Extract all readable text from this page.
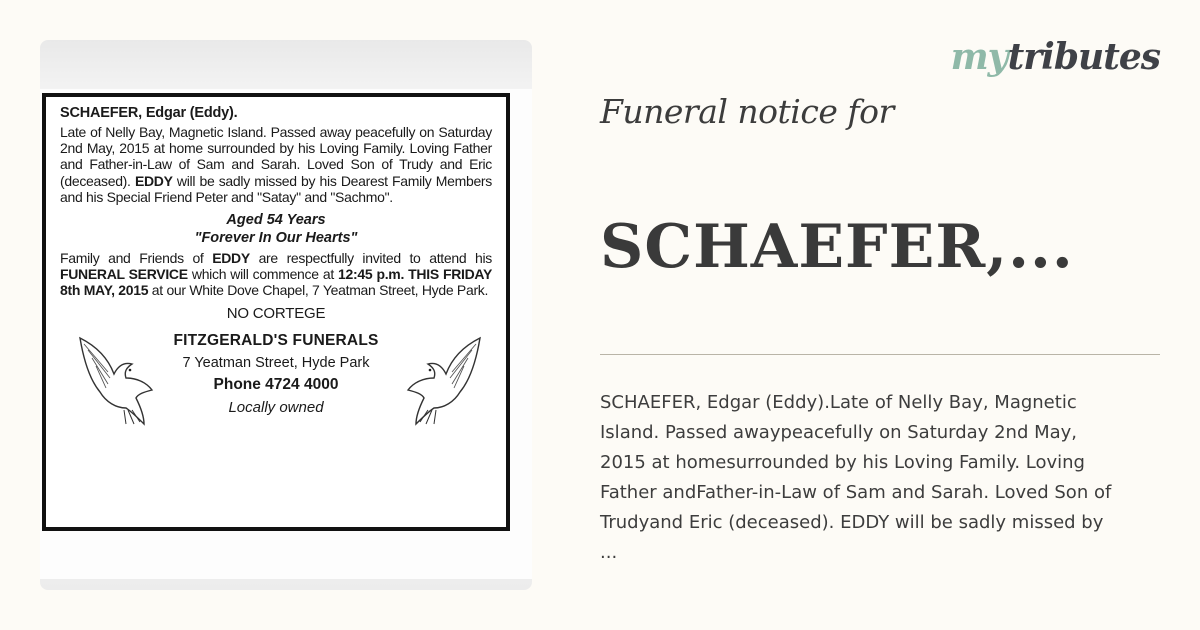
SCHAEFER, Edgar (Eddy).

Late of Nelly Bay, Magnetic Island. Passed away peacefully on Saturday 2nd May, 2015 at home surrounded by his Loving Family. Loving Father and Father-in-Law of Sam and Sarah. Loved Son of Trudy and Eric (deceased). EDDY will be sadly missed by his Dearest Family Members and his Special Friend Peter and "Satay" and "Sachmo".

Aged 54 Years
"Forever In Our Hearts"

Family and Friends of EDDY are respectfully invited to attend his FUNERAL SERVICE which will commence at 12:45 p.m. THIS FRIDAY 8th MAY, 2015 at our White Dove Chapel, 7 Yeatman Street, Hyde Park.

NO CORTEGE
FITZGERALD'S FUNERALS
7 Yeatman Street, Hyde Park
Phone 4724 4000
Locally owned
mytributes
Funeral notice for
SCHAEFER,...
SCHAEFER, Edgar (Eddy).Late of Nelly Bay, Magnetic
Island. Passed awaypeacefully on Saturday 2nd May,
2015 at homesurrounded by his Loving Family. Loving
Father andFather-in-Law of Sam and Sarah. Loved Son of
Trudyand Eric (deceased). EDDY will be sadly missed by
...
